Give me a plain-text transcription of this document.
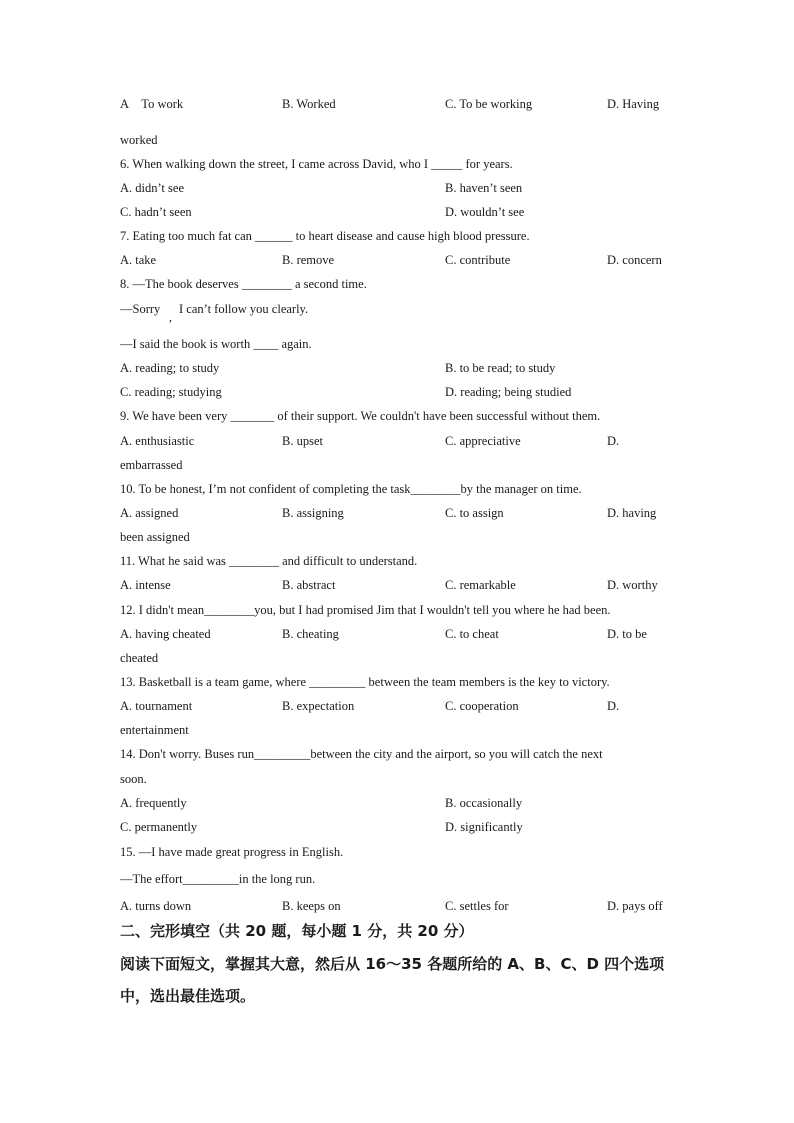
A    To work	B. Worked	C. To be working	D. Having
worked
6. When walking down the street, I came across David, who I _____ for years.
A. didn’t see	B. haven’t seen
C. hadn’t seen	D. wouldn’t see
7. Eating too much fat can ______ to heart disease and cause high blood pressure.
A. take	B. remove	C. contribute	D. concern
8. —The book deserves ________ a second time.
—Sorry
,
I can’t follow you clearly.
—I said the book is worth ____ again.
A. reading; to study	B. to be read; to study
C. reading; studying	D. reading; being studied
9. We have been very _______ of their support. We couldn't have been successful without them.
A. enthusiastic	B. upset	C. appreciative	D.
embarrassed
10. To be honest, I’m not confident of completing the task________by the manager on time.
A. assigned	B. assigning	C. to assign	D. having
been assigned
11. What he said was ________ and difficult to understand.
A. intense	B. abstract	C. remarkable	D. worthy
12. I didn't mean________you, but I had promised Jim that I wouldn't tell you where he had been.
A. having cheated	B. cheating	C. to cheat	D. to be
cheated
13. Basketball is a team game, where _________ between the team members is the key to victory.
A. tournament	B. expectation	C. cooperation	D.
entertainment
14. Don't worry. Buses run_________between the city and the airport, so you will catch the next
soon.
A. frequently	B. occasionally
C. permanently	D. significantly
15. —I have made great progress in English.
—The effort_________in the long run.
A. turns down	B. keeps on	C. settles for	D. pays off
二、完形填空（共 20 题，每小题 1 分，共 20 分）
阅读下面短文，掌握其大意，然后从 16～35 各题所给的 A、B、C、D 四个选项中，选出最佳选项。
